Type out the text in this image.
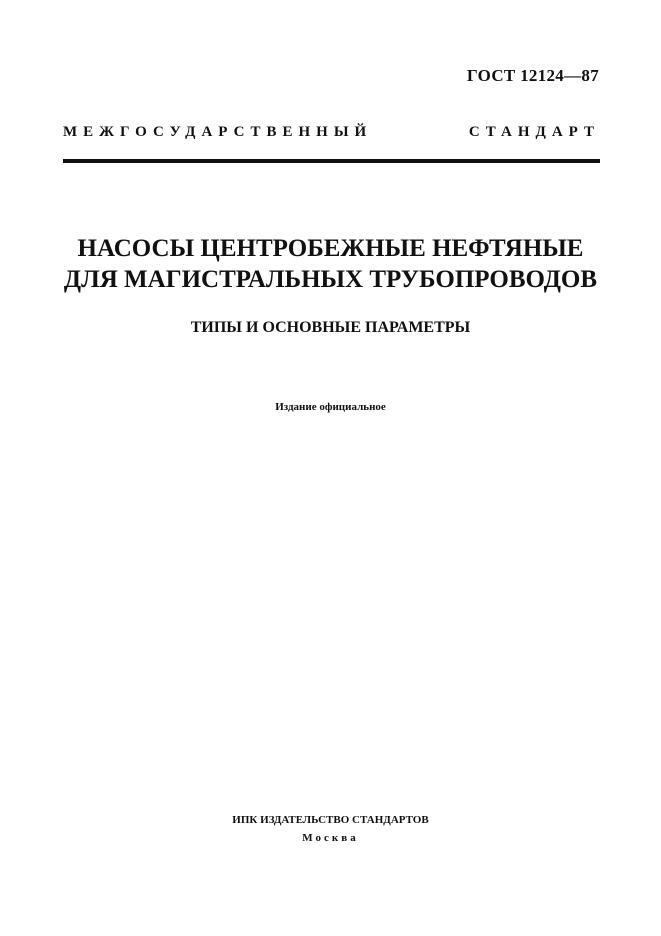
ГОСТ 12124—87
МЕЖГОСУДАРСТВЕННЫЙ СТАНДАРТ
НАСОСЫ ЦЕНТРОБЕЖНЫЕ НЕФТЯНЫЕ
ДЛЯ МАГИСТРАЛЬНЫХ ТРУБОПРОВОДОВ
ТИПЫ И ОСНОВНЫЕ ПАРАМЕТРЫ
Издание официальное
ИПК ИЗДАТЕЛЬСТВО СТАНДАРТОВ
Москва
